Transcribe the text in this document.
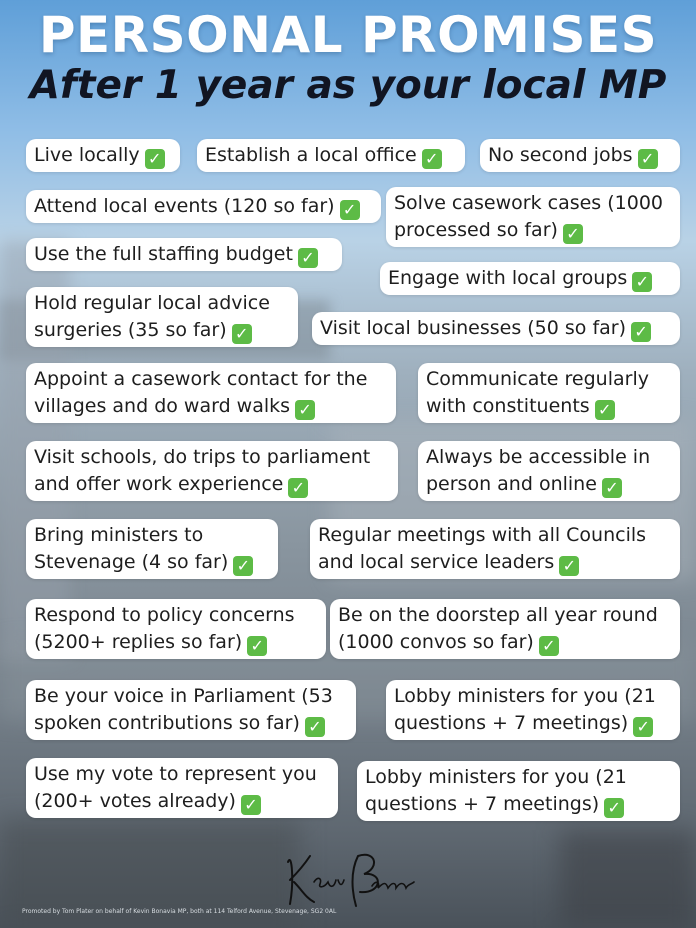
PERSONAL PROMISES
After 1 year as your local MP
Live locally ✓	Establish a local office ✓	No second jobs ✓
Attend local events (120 so far) ✓	Solve casework cases (1000 processed so far) ✓
Use the full staffing budget ✓
Engage with local groups ✓
Hold regular local advice surgeries (35 so far) ✓	Visit local businesses (50 so far) ✓
Appoint a casework contact for the villages and do ward walks ✓
Communicate regularly with constituents ✓
Visit schools, do trips to parliament and offer work experience ✓
Always be accessible in person and online ✓
Bring ministers to Stevenage (4 so far) ✓
Regular meetings with all Councils and local service leaders ✓
Respond to policy concerns (5200+ replies so far) ✓
Be on the doorstep all year round (1000 convos so far) ✓
Be your voice in Parliament (53 spoken contributions so far) ✓
Lobby ministers for you (21 questions + 7 meetings) ✓
Use my vote to represent you (200+ votes already) ✓
Lobby ministers for you (21 questions + 7 meetings) ✓
Promoted by Tom Plater on behalf of Kevin Bonavia MP, both at 114 Telford Avenue, Stevenage, SG2 0AL
